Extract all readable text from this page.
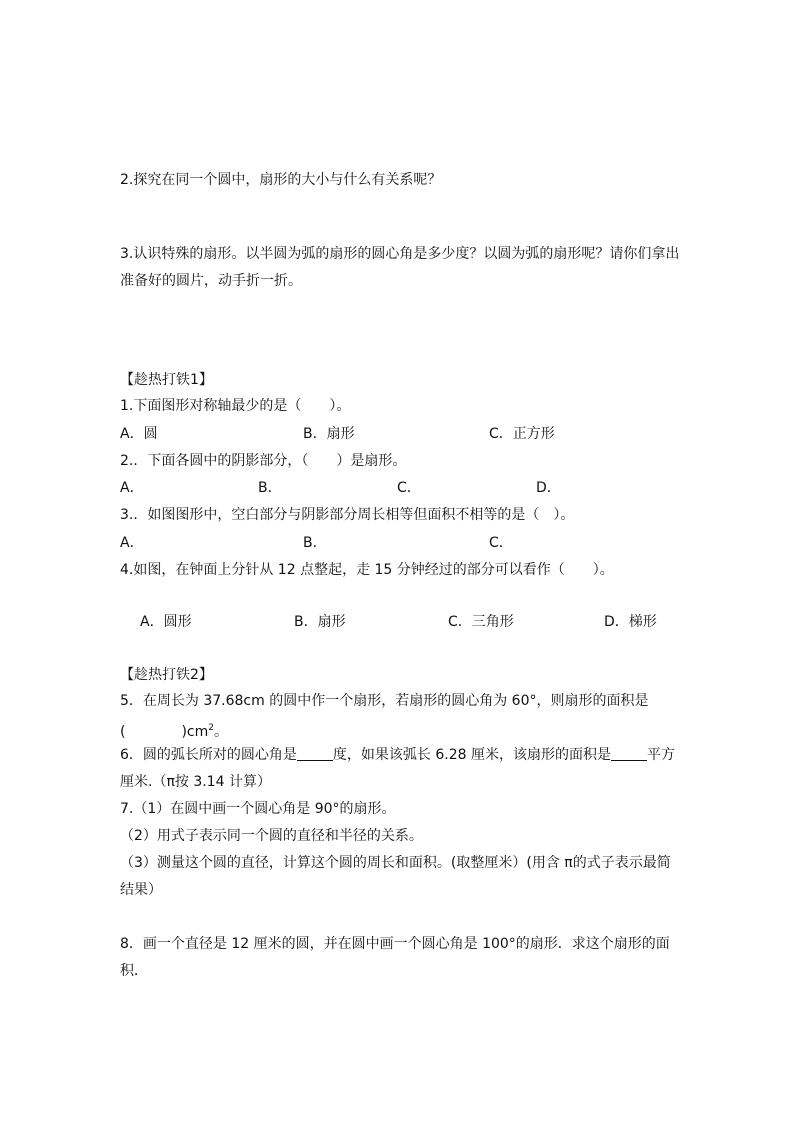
2.探究在同一个圆中，扇形的大小与什么有关系呢？
3.认识特殊的扇形。以半圆为弧的扇形的圆心角是多少度？以圆为弧的扇形呢？请你们拿出
准备好的圆片，动手折一折。
【趁热打铁1】
1.下面图形对称轴最少的是（　　）。
A．圆	B．扇形	C．正方形
2.．下面各圆中的阴影部分，（　　）是扇形。
A．	B．	C．	D．
3.．如图图形中，空白部分与阴影部分周长相等但面积不相等的是（　）。
A．	B．	C．
4.如图，在钟面上分针从 12 点整起，走 15 分钟经过的部分可以看作（　　）。
A．圆形	B．扇形	C．三角形	D．梯形
【趁热打铁2】
5．在周长为 37.68cm 的圆中作一个扇形，若扇形的圆心角为 60°，则扇形的面积是
(　　　　)$cm^2$。
6．圆的弧长所对的圆心角是	度，如果该弧长 6.28 厘米，该扇形的面积是	平方
厘米.（π按 3.14 计算）
7.（1）在圆中画一个圆心角是 90°的扇形。
（2）用式子表示同一个圆的直径和半径的关系。
（3）测量这个圆的直径，计算这个圆的周长和面积。(取整厘米）(用含 π的式子表示最简
结果）
8．画一个直径是 12 厘米的圆，并在圆中画一个圆心角是 100°的扇形．求这个扇形的面
积．
